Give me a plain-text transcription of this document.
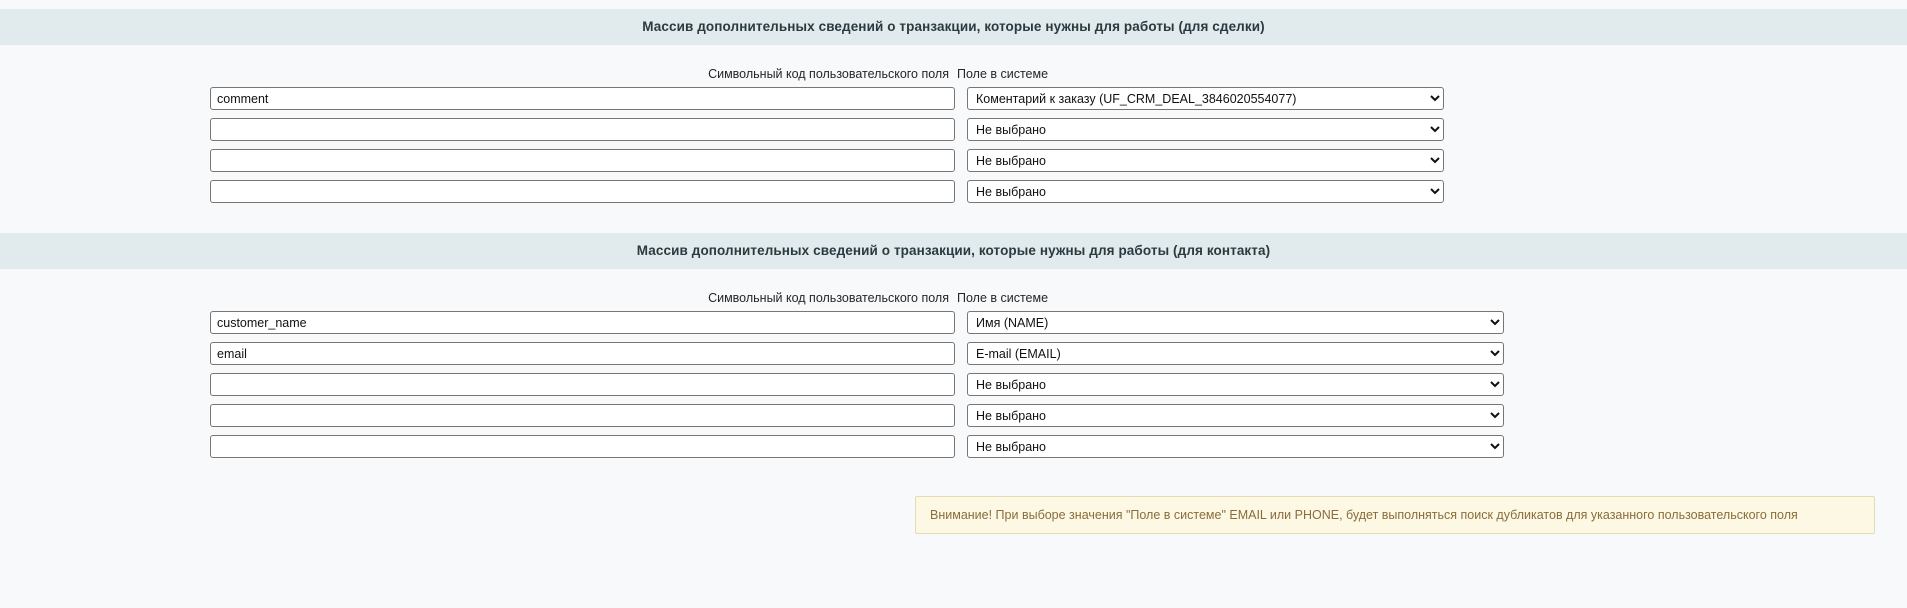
Массив дополнительных сведений о транзакции, которые нужны для работы (для сделки)
Символьный код пользовательского поля Поле в системе
comment
Коментарий к заказу (UF_CRM_DEAL_3846020554077)
Не выбрано
Не выбрано
Не выбрано
Массив дополнительных сведений о транзакции, которые нужны для работы (для контакта)
Символьный код пользовательского поля Поле в системе
customer_name
Имя (NAME)
email
E-mail (EMAIL)
Не выбрано
Не выбрано
Не выбрано
Внимание! При выборе значения "Поле в системе" EMAIL или PHONE, будет выполняться поиск дубликатов для указанного пользовательского поля
